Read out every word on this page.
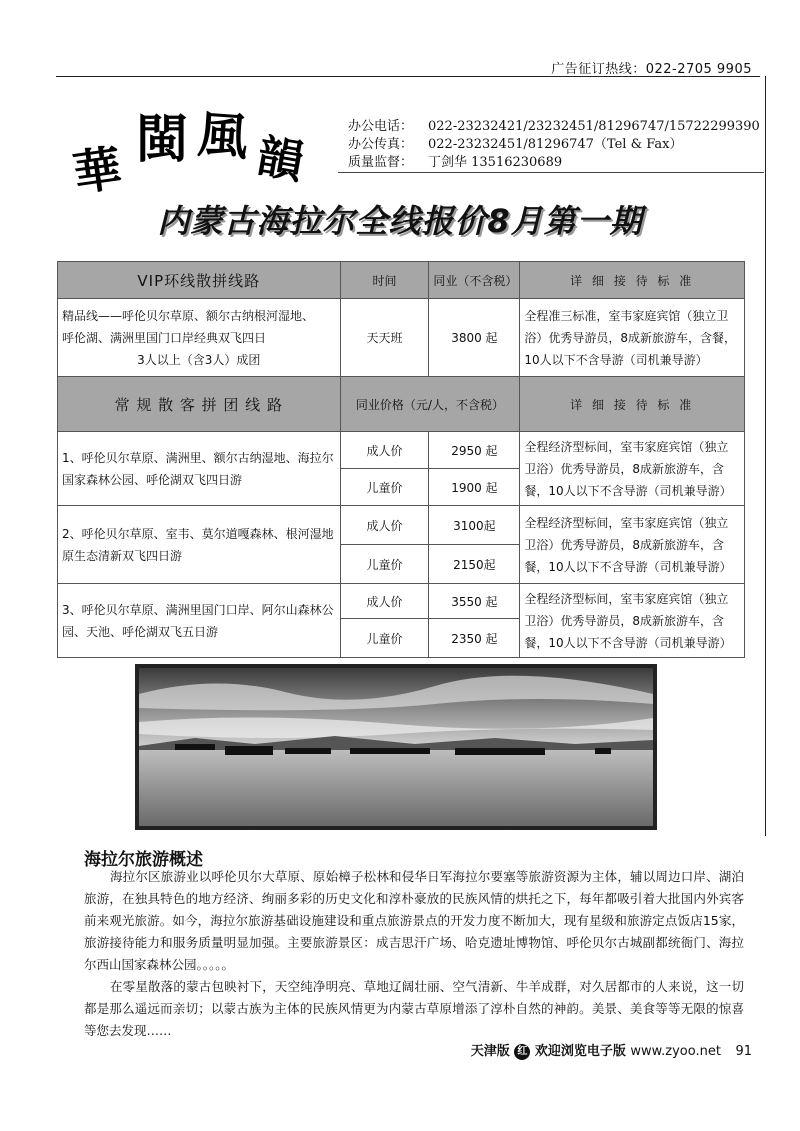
广告征订热线：022-2705 9905
華
閩 風 韻
办公电话：	022-23232421/23232451/81296747/15722299390
办公传真：	022-23232451/81296747（Tel & Fax）
质量监督：	丁剑华 13516230689
内蒙古海拉尔全线报价8月第一期
VIP环线散拼线路	时间	同业（不含税）	详 细 接 待 标 准

精品线——呼伦贝尔草原、额尔古纳根河湿地、
呼伦湖、满洲里国门口岸经典双飞四日
3人以上（含3人）成团	天天班	3800 起	全程准三标准，室韦家庭宾馆（独立卫浴）优秀导游员，8成新旅游车，含餐，10人以下不含导游（司机兼导游）
常 规 散 客 拼 团 线 路	同业价格（元/人，不含税）		详 细 接 待 标 准
1、呼伦贝尔草原、满洲里、额尔古纳湿地、海拉尔国家森林公园、呼伦湖双飞四日游	成人价	2950 起	全程经济型标间，室韦家庭宾馆（独立卫浴）优秀导游员，8成新旅游车，含餐，10人以下不含导游（司机兼导游）
	儿童价	1900 起	
2、呼伦贝尔草原、室韦、莫尔道嘎森林、根河湿地原生态清新双飞四日游	成人价	3100起	全程经济型标间，室韦家庭宾馆（独立卫浴）优秀导游员，8成新旅游车，含餐，10人以下不含导游（司机兼导游）
	儿童价	2150起	
3、呼伦贝尔草原、满洲里国门口岸、阿尔山森林公园、天池、呼伦湖双飞五日游	成人价	3550 起	全程经济型标间，室韦家庭宾馆（独立卫浴）优秀导游员，8成新旅游车，含餐，10人以下不含导游（司机兼导游）
	儿童价	2350 起	
海拉尔旅游概述
海拉尔区旅游业以呼伦贝尔大草原、原始樟子松林和侵华日军海拉尔要塞等旅游资源为主体，辅以周边口岸、湖泊旅游，在独具特色的地方经济、绚丽多彩的历史文化和淳朴豪放的民族风情的烘托之下，每年都吸引着大批国内外宾客前来观光旅游。如今，海拉尔旅游基础设施建设和重点旅游景点的开发力度不断加大，现有星级和旅游定点饭店15家，旅游接待能力和服务质量明显加强。主要旅游景区：成吉思汗广场、哈克遗址博物馆、呼伦贝尔古城副都统衙门、海拉尔西山国家森林公园。。。。。
在零星散落的蒙古包映衬下，天空纯净明亮、草地辽阔壮丽、空气清新、牛羊成群，对久居都市的人来说，这一切都是那么遥远而亲切；以蒙古族为主体的民族风情更为内蒙古草原增添了淳朴自然的神韵。美景、美食等等无限的惊喜等您去发现……
天津版 红 欢迎浏览电子版 www.zyoo.net 91
